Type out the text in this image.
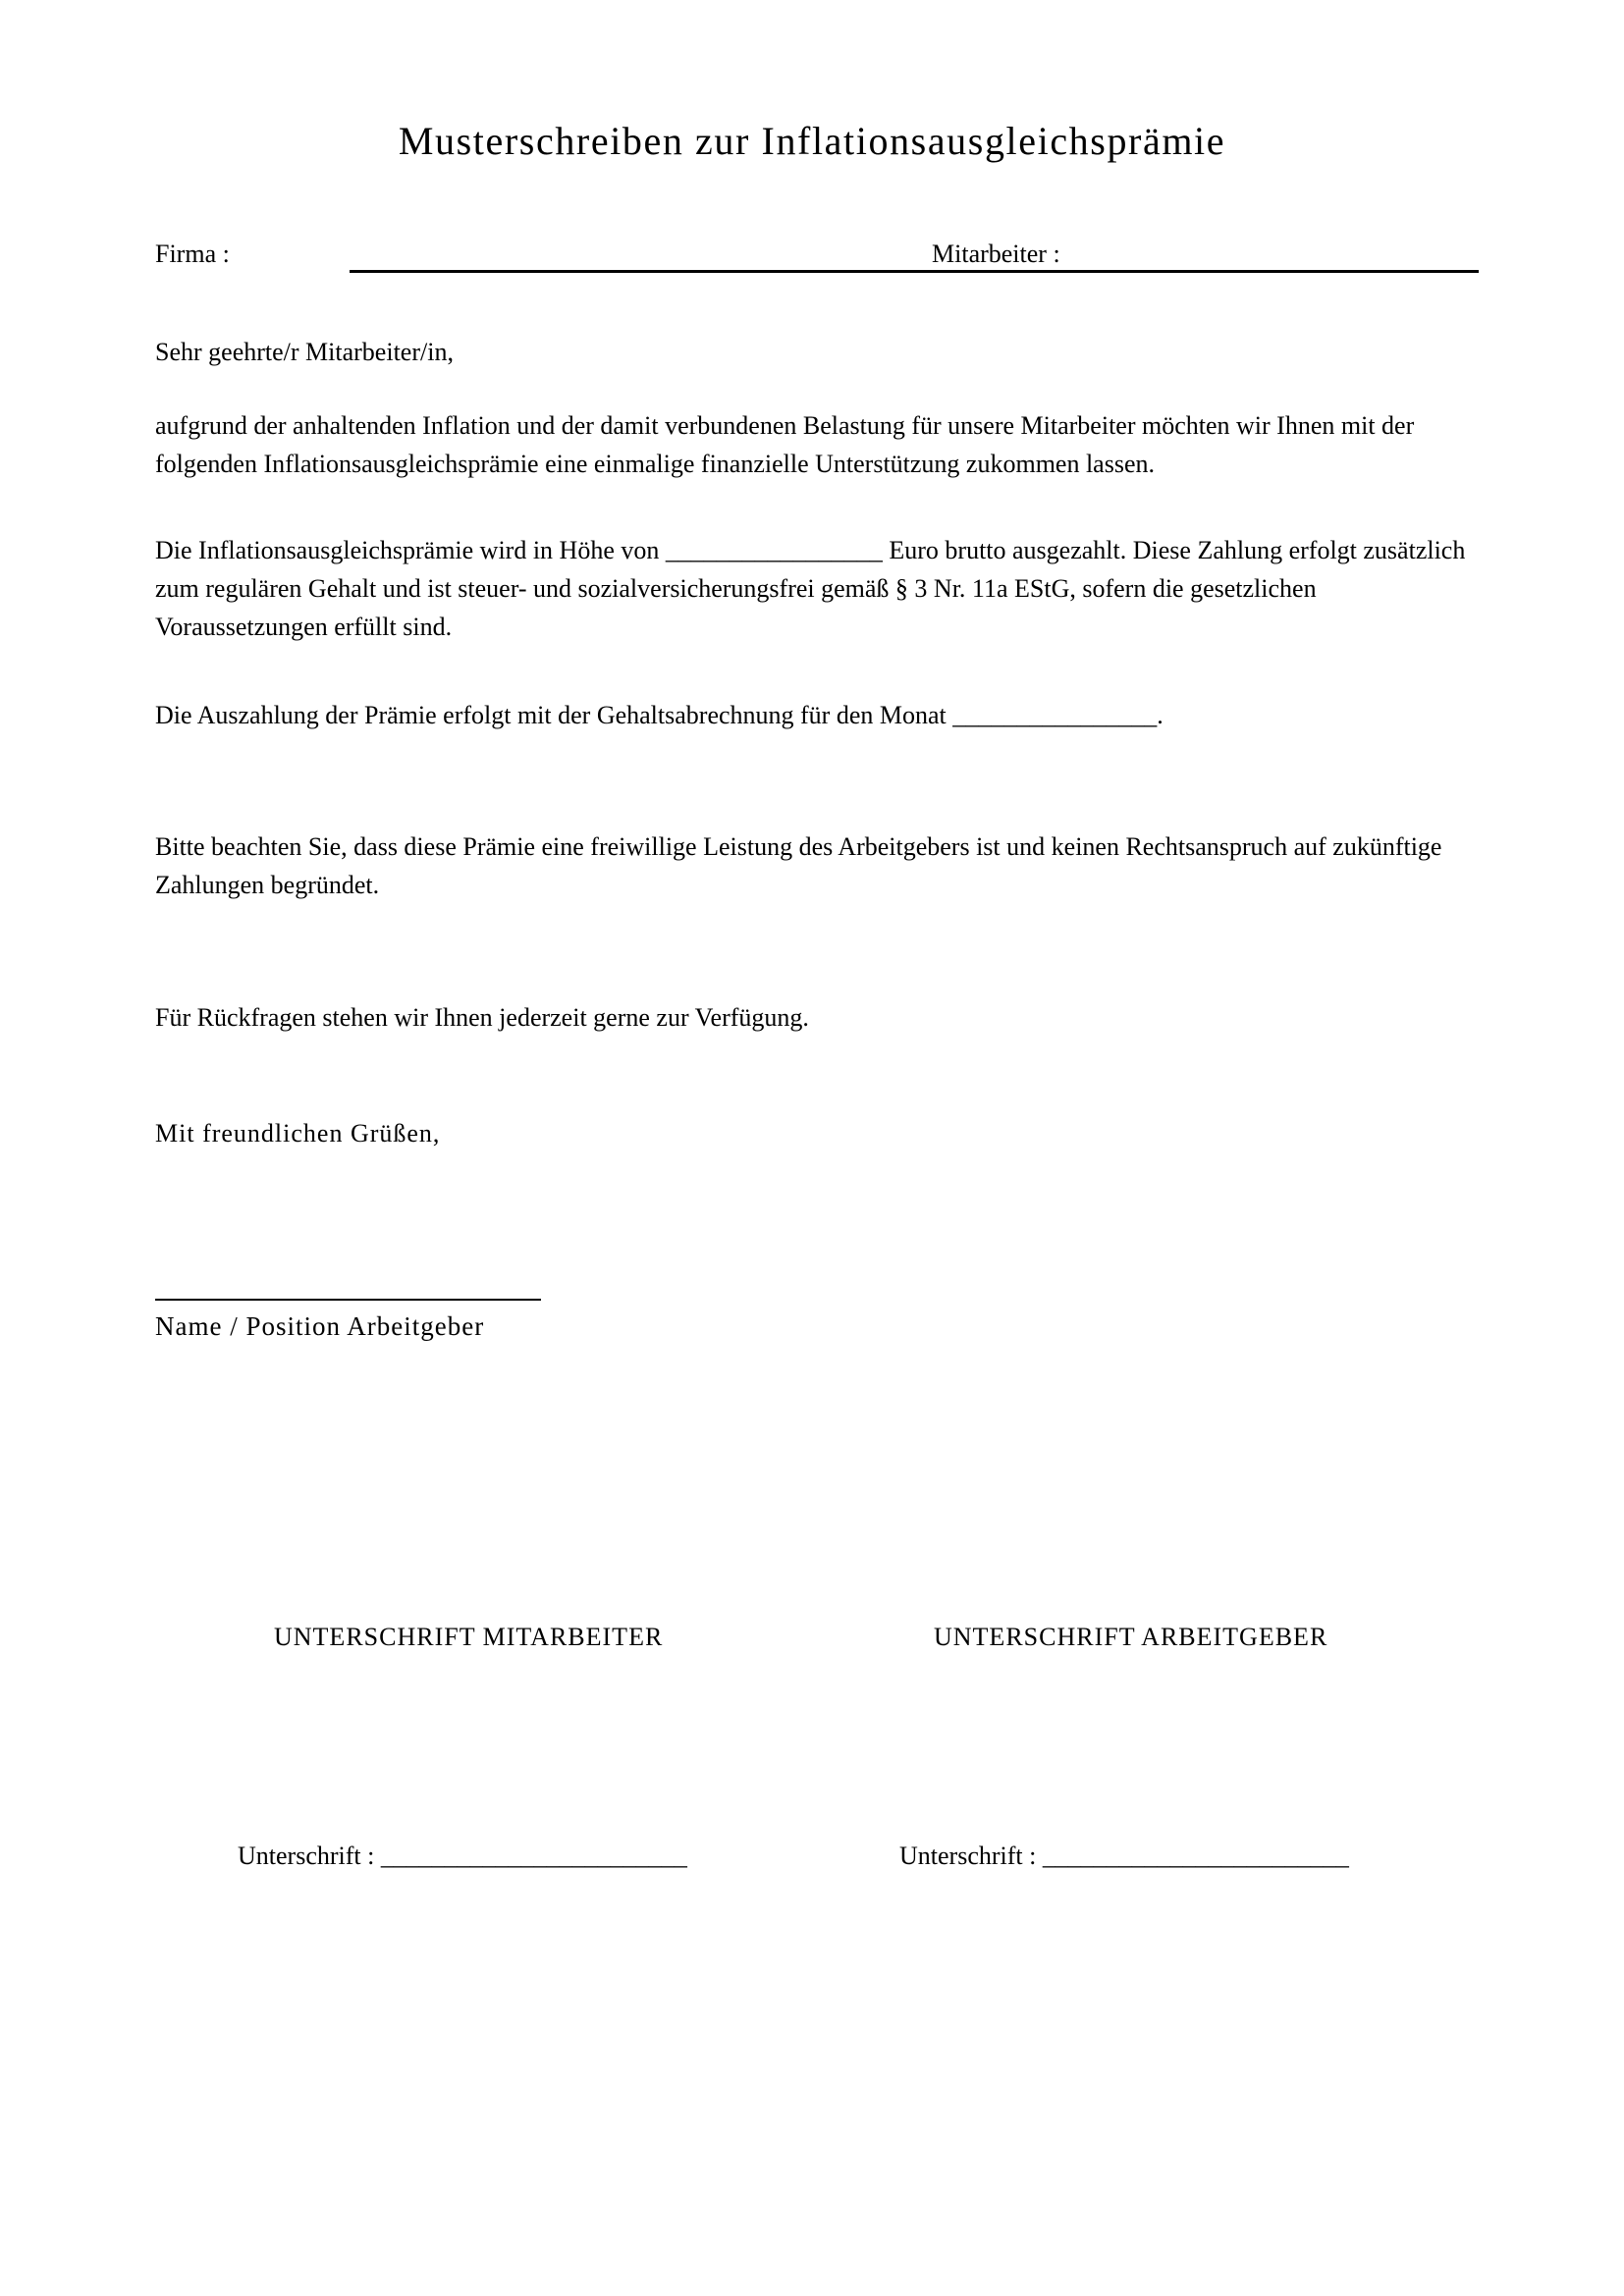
Musterschreiben zur Inflationsausgleichsprämie
Firma :	Mitarbeiter :
Sehr geehrte/r Mitarbeiter/in,
aufgrund der anhaltenden Inflation und der damit verbundenen Belastung für unsere Mitarbeiter möchten wir Ihnen mit der folgenden Inflationsausgleichsprämie eine einmalige finanzielle Unterstützung zukommen lassen.
Die Inflationsausgleichsprämie wird in Höhe von _________________ Euro brutto ausgezahlt. Diese Zahlung erfolgt zusätzlich zum regulären Gehalt und ist steuer- und sozialversicherungsfrei gemäß § 3 Nr. 11a EStG, sofern die gesetzlichen Voraussetzungen erfüllt sind.
Die Auszahlung der Prämie erfolgt mit der Gehaltsabrechnung für den Monat ________________.
Bitte beachten Sie, dass diese Prämie eine freiwillige Leistung des Arbeitgebers ist und keinen Rechtsanspruch auf zukünftige Zahlungen begründet.
Für Rückfragen stehen wir Ihnen jederzeit gerne zur Verfügung.
Mit freundlichen Grüßen,
Name / Position Arbeitgeber
UNTERSCHRIFT MITARBEITER	UNTERSCHRIFT ARBEITGEBER
Unterschrift : ________________________	Unterschrift : ________________________
